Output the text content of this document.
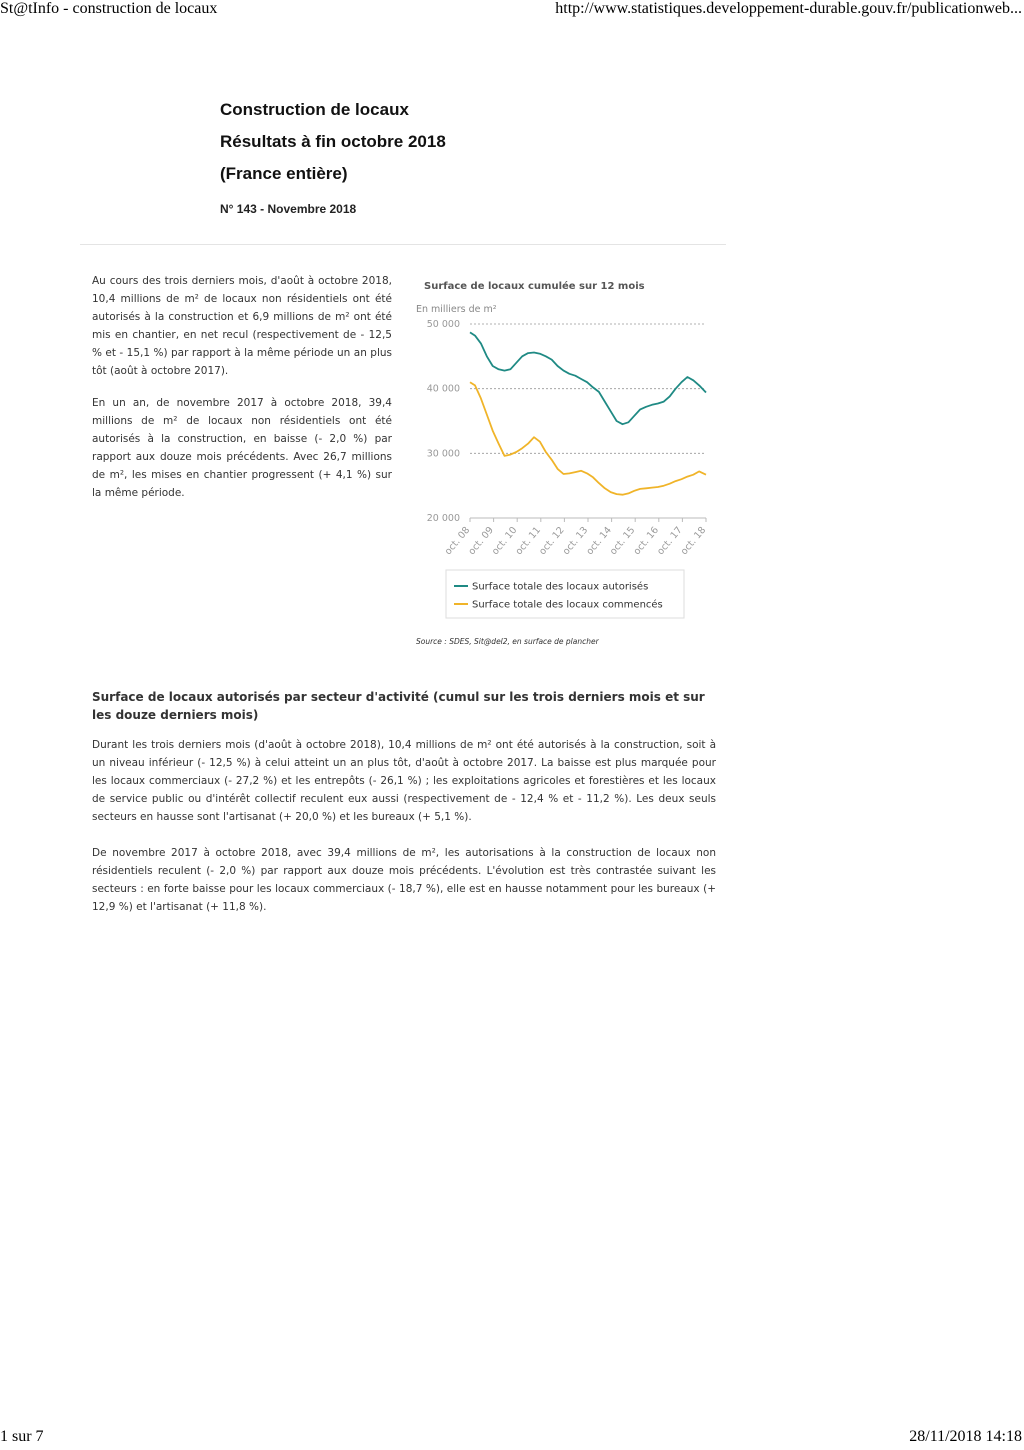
St@tInfo - construction de locaux	http://www.statistiques.developpement-durable.gouv.fr/publicationweb...
Construction de locaux
Résultats à fin octobre 2018
(France entière)
N° 143 - Novembre 2018

Au cours des trois derniers mois, d'août à octobre 2018, 10,4 millions de m² de locaux non résidentiels ont été autorisés à la construction et 6,9 millions de m² ont été mis en chantier, en net recul (respectivement de - 12,5 % et - 15,1 %) par rapport à la même période un an plus tôt (août à octobre 2017).

En un an, de novembre 2017 à octobre 2018, 39,4 millions de m² de locaux non résidentiels ont été autorisés à la construction, en baisse (- 2,0 %) par rapport aux douze mois précédents. Avec 26,7 millions de m², les mises en chantier progressent (+ 4,1 %) sur la même période.

Surface de locaux cumulée sur 12 mois
En milliers de m²
20 000
30 000
40 000
50 000
oct. 08
oct. 09
oct. 10
oct. 11
oct. 12
oct. 13
oct. 14
oct. 15
oct. 16
oct. 17
oct. 18
Surface totale des locaux autorisés
Surface totale des locaux commencés
Source : SDES, Sit@del2, en surface de plancher
Surface de locaux autorisés par secteur d'activité (cumul sur les trois derniers mois et sur les douze derniers mois)

Durant les trois derniers mois (d'août à octobre 2018), 10,4 millions de m² ont été autorisés à la construction, soit à un niveau inférieur (- 12,5 %) à celui atteint un an plus tôt, d'août à octobre 2017. La baisse est plus marquée pour les locaux commerciaux (- 27,2 %) et les entrepôts (- 26,1 %) ; les exploitations agricoles et forestières et les locaux de service public ou d'intérêt collectif reculent eux aussi (respectivement de - 12,4 % et - 11,2 %). Les deux seuls secteurs en hausse sont l'artisanat (+ 20,0 %) et les bureaux (+ 5,1 %).

De novembre 2017 à octobre 2018, avec 39,4 millions de m², les autorisations à la construction de locaux non résidentiels reculent (- 2,0 %) par rapport aux douze mois précédents. L'évolution est très contrastée suivant les secteurs : en forte baisse pour les locaux commerciaux (- 18,7 %), elle est en hausse notamment pour les bureaux (+ 12,9 %) et l'artisanat (+ 11,8 %).

1 sur 7	28/11/2018 14:18
